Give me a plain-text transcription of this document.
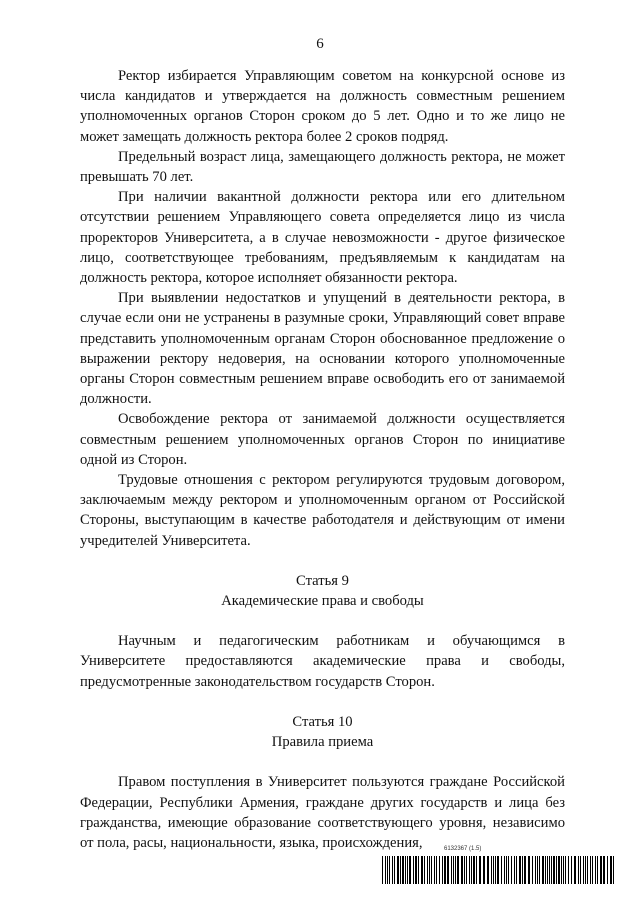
6

Ректор избирается Управляющим советом на конкурсной основе из числа кандидатов и утверждается на должность совместным решением уполномоченных органов Сторон сроком до 5 лет. Одно и то же лицо не может замещать должность ректора более 2 сроков подряд.

Предельный возраст лица, замещающего должность ректора, не может превышать 70 лет.

При наличии вакантной должности ректора или его длительном отсутствии решением Управляющего совета определяется лицо из числа проректоров Университета, а в случае невозможности - другое физическое лицо, соответствующее требованиям, предъявляемым к кандидатам на должность ректора, которое исполняет обязанности ректора.

При выявлении недостатков и упущений в деятельности ректора, в случае если они не устранены в разумные сроки, Управляющий совет вправе представить уполномоченным органам Сторон обоснованное предложение о выражении ректору недоверия, на основании которого уполномоченные органы Сторон совместным решением вправе освободить его от занимаемой должности.

Освобождение ректора от занимаемой должности осуществляется совместным решением уполномоченных органов Сторон по инициативе одной из Сторон.

Трудовые отношения с ректором регулируются трудовым договором, заключаемым между ректором и уполномоченным органом от Российской Стороны, выступающим в качестве работодателя и действующим от имени учредителей Университета.

Статья 9

Академические права и свободы

Научным и педагогическим работникам и обучающимся в Университете предоставляются академические права и свободы, предусмотренные законодательством государств Сторон.

Статья 10

Правила приема

Правом поступления в Университет пользуются граждане Российской Федерации, Республики Армения, граждане других государств и лица без гражданства, имеющие образование соответствующего уровня, независимо от пола, расы, национальности, языка, происхождения,	6132367 (1.5)
